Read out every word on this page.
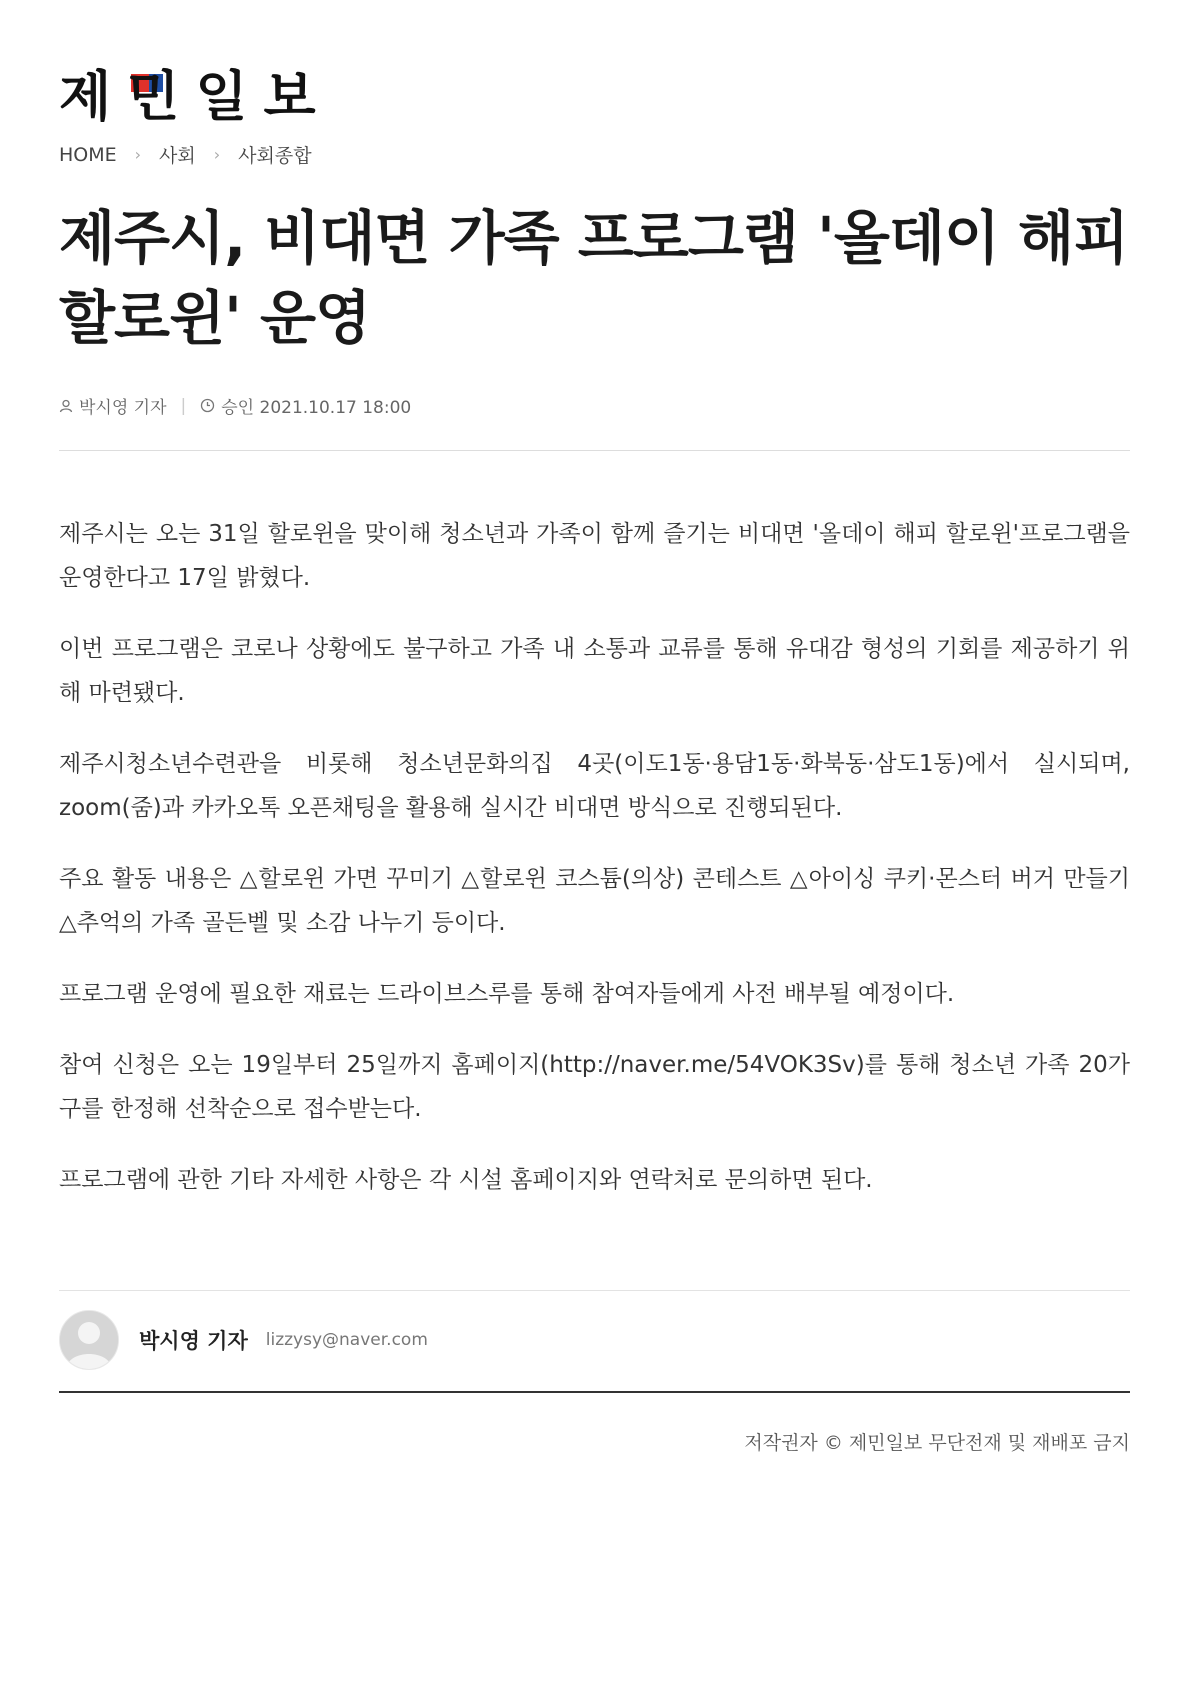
제 민 일 보
HOME › 사회 › 사회종합
제주시, 비대면 가족 프로그램 '올데이 해피
할로윈' 운영
박시영 기자 | 승인 2021.10.17 18:00

제주시는 오는 31일 할로윈을 맞이해 청소년과 가족이 함께 즐기는 비대면 '올데이 해피 할로윈'프로그램을 운영한다고 17일 밝혔다.

이번 프로그램은 코로나 상황에도 불구하고 가족 내 소통과 교류를 통해 유대감 형성의 기회를 제공하기 위해 마련됐다.

제주시청소년수련관을 비롯해 청소년문화의집 4곳(이도1동·용담1동·화북동·삼도1동)에서 실시되며, zoom(줌)과 카카오톡 오픈채팅을 활용해 실시간 비대면 방식으로 진행되된다.

주요 활동 내용은 △할로윈 가면 꾸미기 △할로윈 코스튬(의상) 콘테스트 △아이싱 쿠키·몬스터 버거 만들기 △추억의 가족 골든벨 및 소감 나누기 등이다.

프로그램 운영에 필요한 재료는 드라이브스루를 통해 참여자들에게 사전 배부될 예정이다.

참여 신청은 오는 19일부터 25일까지 홈페이지(http://naver.me/54VOK3Sv)를 통해 청소년 가족 20가구를 한정해 선착순으로 접수받는다.

프로그램에 관한 기타 자세한 사항은 각 시설 홈페이지와 연락처로 문의하면 된다.

박시영 기자 lizzysy@naver.com
저작권자 © 제민일보 무단전재 및 재배포 금지
